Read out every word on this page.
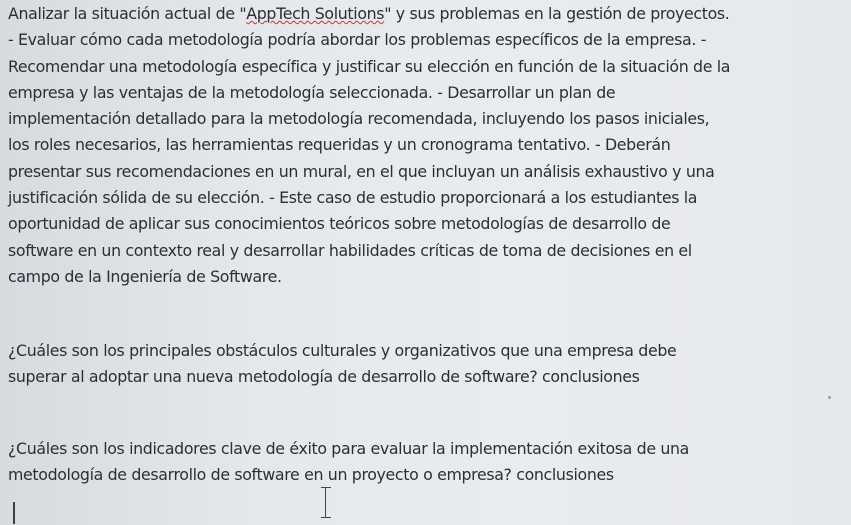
Analizar la situación actual de "AppTech Solutions" y sus problemas en la gestión de proyectos.
- Evaluar cómo cada metodología podría abordar los problemas específicos de la empresa. -
Recomendar una metodología específica y justificar su elección en función de la situación de la
empresa y las ventajas de la metodología seleccionada. - Desarrollar un plan de
implementación detallado para la metodología recomendada, incluyendo los pasos iniciales,
los roles necesarios, las herramientas requeridas y un cronograma tentativo. - Deberán
presentar sus recomendaciones en un mural, en el que incluyan un análisis exhaustivo y una
justificación sólida de su elección. - Este caso de estudio proporcionará a los estudiantes la
oportunidad de aplicar sus conocimientos teóricos sobre metodologías de desarrollo de
software en un contexto real y desarrollar habilidades críticas de toma de decisiones en el
campo de la Ingeniería de Software.

¿Cuáles son los principales obstáculos culturales y organizativos que una empresa debe
superar al adoptar una nueva metodología de desarrollo de software? conclusiones

¿Cuáles son los indicadores clave de éxito para evaluar la implementación exitosa de una
metodología de desarrollo de software en un proyecto o empresa? conclusiones
